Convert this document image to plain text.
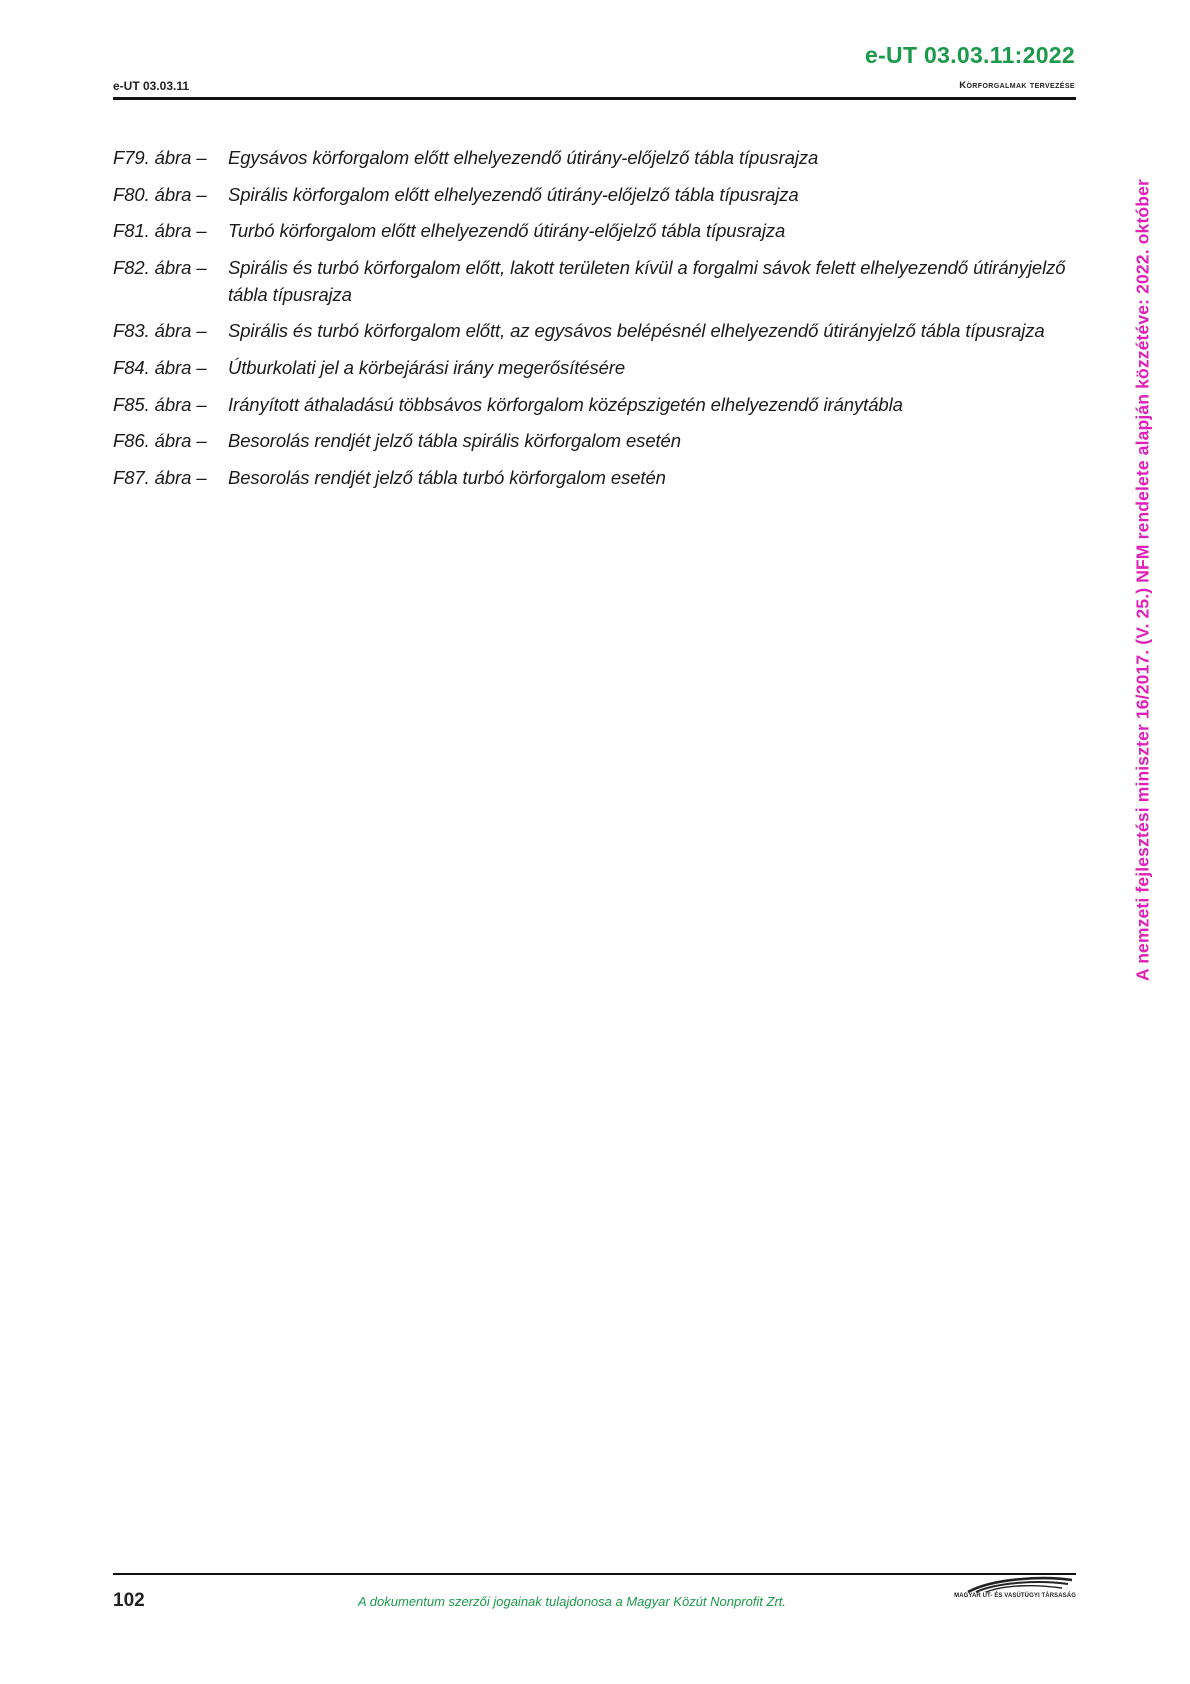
e-UT 03.03.11:2022
e-UT 03.03.11	Körforgalmak tervezése
F79. ábra –	Egysávos körforgalom előtt elhelyezendő útirány-előjelző tábla típusrajza
F80. ábra –	Spirális körforgalom előtt elhelyezendő útirány-előjelző tábla típusrajza
F81. ábra –	Turbó körforgalom előtt elhelyezendő útirány-előjelző tábla típusrajza
F82. ábra –	Spirális és turbó körforgalom előtt, lakott területen kívül a forgalmi sávok felett elhelyezendő útirányjelző tábla típusrajza
F83. ábra –	Spirális és turbó körforgalom előtt, az egysávos belépésnél elhelyezendő útirányjelző tábla típusrajza
F84. ábra –	Útburkolati jel a körbejárási irány megerősítésére
F85. ábra –	Irányított áthaladású többsávos körforgalom középszigetén elhelyezendő iránytábla
F86. ábra –	Besorolás rendjét jelző tábla spirális körforgalom esetén
F87. ábra –	Besorolás rendjét jelző tábla turbó körforgalom esetén	A nemzeti fejlesztési miniszter 16/2017. (V. 25.) NFM rendelete alapján közzétéve: 2022. október
102	A dokumentum szerzői jogainak tulajdonosa a Magyar Közút Nonprofit Zrt.	MAGYAR ÚT- ÉS VASÚTÜGYI TÁRSASÁG
